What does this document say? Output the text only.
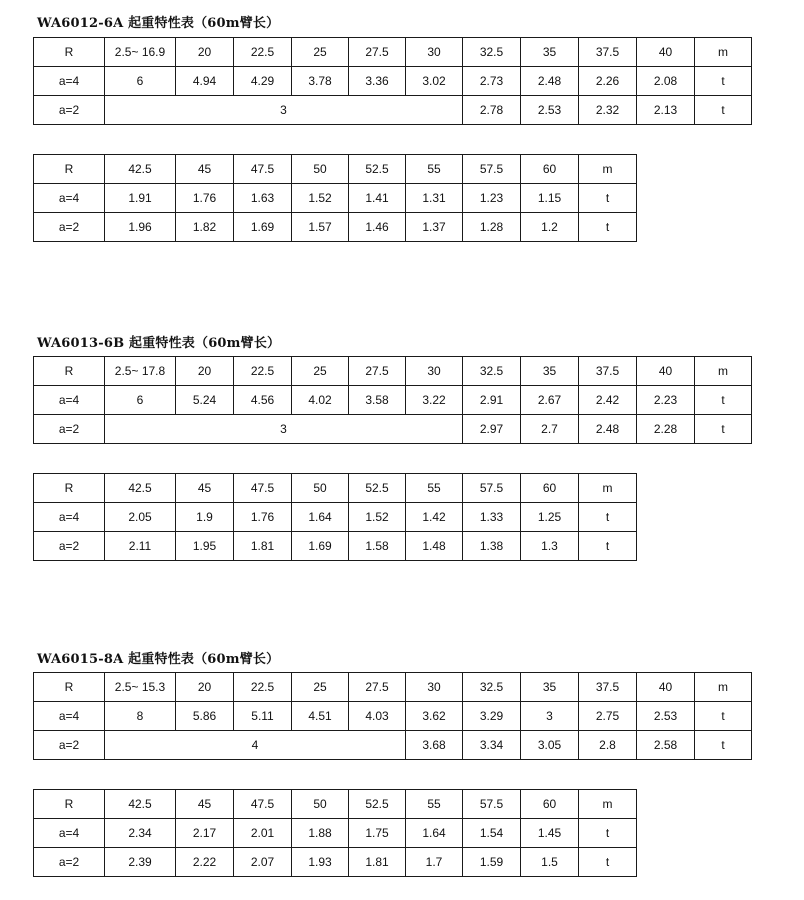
WA6012-6A 起重特性表（60m臂长）
R	2.5~ 16.9	20	22.5	25	27.5	30	32.5	35	37.5	40	m
a=4	6	4.94	4.29	3.78	3.36	3.02	2.73	2.48	2.26	2.08	t
a=2	3						2.78	2.53	2.32	2.13	t
R	42.5	45	47.5	50	52.5	55	57.5	60	m
a=4	1.91	1.76	1.63	1.52	1.41	1.31	1.23	1.15	t
a=2	1.96	1.82	1.69	1.57	1.46	1.37	1.28	1.2	t
WA6013-6B 起重特性表（60m臂长）
R	2.5~ 17.8	20	22.5	25	27.5	30	32.5	35	37.5	40	m
a=4	6	5.24	4.56	4.02	3.58	3.22	2.91	2.67	2.42	2.23	t
a=2	3						2.97	2.7	2.48	2.28	t
R	42.5	45	47.5	50	52.5	55	57.5	60	m
a=4	2.05	1.9	1.76	1.64	1.52	1.42	1.33	1.25	t
a=2	2.11	1.95	1.81	1.69	1.58	1.48	1.38	1.3	t
WA6015-8A 起重特性表（60m臂长）
R	2.5~ 15.3	20	22.5	25	27.5	30	32.5	35	37.5	40	m
a=4	8	5.86	5.11	4.51	4.03	3.62	3.29	3	2.75	2.53	t
a=2	4					3.68	3.34	3.05	2.8	2.58	t
R	42.5	45	47.5	50	52.5	55	57.5	60	m
a=4	2.34	2.17	2.01	1.88	1.75	1.64	1.54	1.45	t
a=2	2.39	2.22	2.07	1.93	1.81	1.7	1.59	1.5	t
